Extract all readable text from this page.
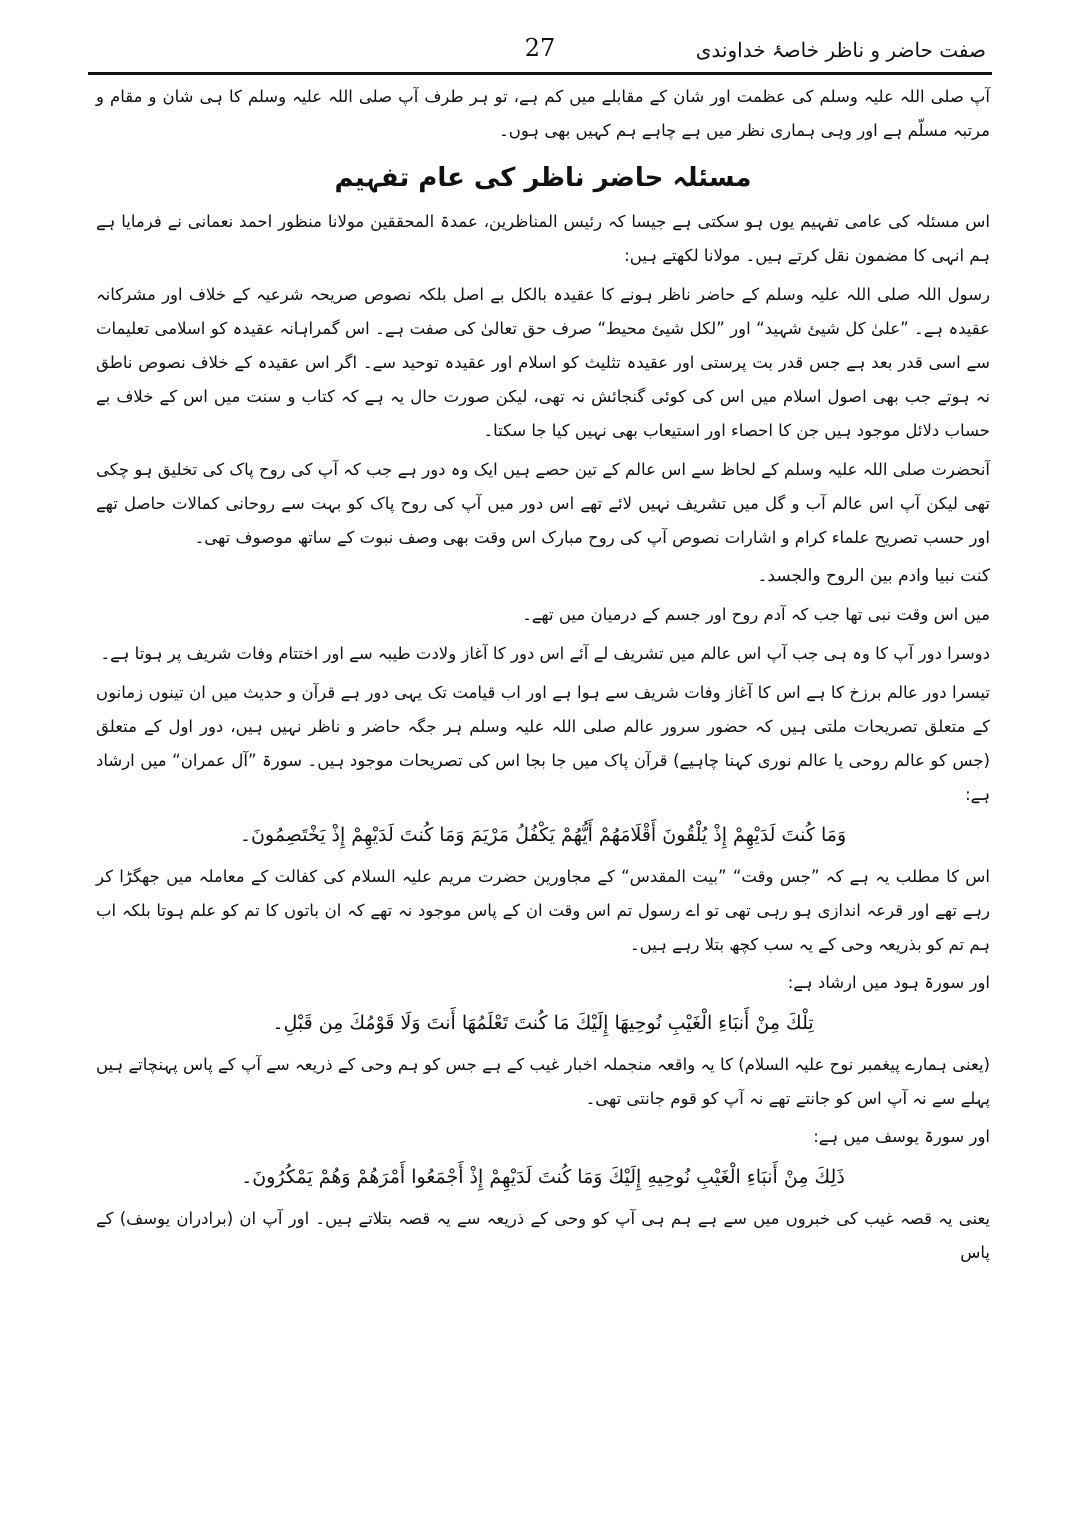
صفت حاضر و ناظر خاصۂ خداوندی
27

آپ صلی اللہ علیہ وسلم کی عظمت اور شان کے مقابلے میں کم ہے، تو ہر طرف آپ صلی اللہ علیہ وسلم کا ہی شان و مقام و مرتبہ مسلّم ہے اور وہی ہماری نظر میں ہے چاہے ہم کہیں بھی ہوں۔

مسئلہ حاضر ناظر کی عام تفہیم

اس مسئلہ کی عامی تفہیم یوں ہو سکتی ہے جیسا کہ رئیس المناظرین، عمدۃ المحققین مولانا منظور احمد نعمانی نے فرمایا ہے ہم انہی کا مضمون نقل کرتے ہیں۔ مولانا لکھتے ہیں:

رسول اللہ صلی اللہ علیہ وسلم کے حاضر ناظر ہونے کا عقیدہ بالکل بے اصل بلکہ نصوص صریحہ شرعیہ کے خلاف اور مشرکانہ عقیدہ ہے۔ ”علیٰ کل شیئ شہید“ اور ”لکل شیئ محیط“ صرف حق تعالیٰ کی صفت ہے۔ اس گمراہانہ عقیدہ کو اسلامی تعلیمات سے اسی قدر بعد ہے جس قدر بت پرستی اور عقیدہ تثلیث کو اسلام اور عقیدہ توحید سے۔ اگر اس عقیدہ کے خلاف نصوص ناطق نہ ہوتے جب بھی اصول اسلام میں اس کی کوئی گنجائش نہ تھی، لیکن صورت حال یہ ہے کہ کتاب و سنت میں اس کے خلاف بے حساب دلائل موجود ہیں جن کا احصاء اور استیعاب بھی نہیں کیا جا سکتا۔

آنحضرت صلی اللہ علیہ وسلم کے لحاظ سے اس عالم کے تین حصے ہیں ایک وہ دور ہے جب کہ آپ کی روح پاک کی تخلیق ہو چکی تھی لیکن آپ اس عالم آب و گل میں تشریف نہیں لائے تھے اس دور میں آپ کی روح پاک کو بہت سے روحانی کمالات حاصل تھے اور حسب تصریح علماء کرام و اشارات نصوص آپ کی روح مبارک اس وقت بھی وصف نبوت کے ساتھ موصوف تھی۔

کنت نبیا وادم بین الروح والجسد۔

میں اس وقت نبی تھا جب کہ آدم روح اور جسم کے درمیان میں تھے۔

دوسرا دور آپ کا وہ ہی جب آپ اس عالم میں تشریف لے آئے اس دور کا آغاز ولادت طیبہ سے اور اختتام وفات شریف پر ہوتا ہے۔

تیسرا دور عالم برزخ کا ہے اس کا آغاز وفات شریف سے ہوا ہے اور اب قیامت تک یہی دور ہے قرآن و حدیث میں ان تینوں زمانوں کے متعلق تصریحات ملتی ہیں کہ حضور سرور عالم صلی اللہ علیہ وسلم ہر جگہ حاضر و ناظر نہیں ہیں، دور اول کے متعلق (جس کو عالم روحی یا عالم نوری کہنا چاہیے) قرآن پاک میں جا بجا اس کی تصریحات موجود ہیں۔ سورۃ ”آل عمران“ میں ارشاد ہے:

وَمَا كُنتَ لَدَيْهِمْ إِذْ يُلْقُونَ أَقْلَامَهُمْ أَيُّهُمْ يَكْفُلُ مَرْيَمَ وَمَا كُنتَ لَدَيْهِمْ إِذْ يَخْتَصِمُونَ۔

اس کا مطلب یہ ہے کہ ”جس وقت“ ”بیت المقدس“ کے مجاورین حضرت مریم علیہ السلام کی کفالت کے معاملہ میں جھگڑا کر رہے تھے اور قرعہ اندازی ہو رہی تھی تو اے رسول تم اس وقت ان کے پاس موجود نہ تھے کہ ان باتوں کا تم کو علم ہوتا بلکہ اب ہم تم کو بذریعہ وحی کے یہ سب کچھ بتلا رہے ہیں۔

اور سورۃ ہود میں ارشاد ہے:

تِلْكَ مِنْ أَنبَاءِ الْغَيْبِ نُوحِيهَا إِلَيْكَ مَا كُنتَ تَعْلَمُهَا أَنتَ وَلَا قَوْمُكَ مِن قَبْلِ۔

(یعنی ہمارے پیغمبر نوح علیہ السلام) کا یہ واقعہ منجملہ اخبار غیب کے ہے جس کو ہم وحی کے ذریعہ سے آپ کے پاس پہنچاتے ہیں پہلے سے نہ آپ اس کو جانتے تھے نہ آپ کو قوم جانتی تھی۔

اور سورۃ یوسف میں ہے:

ذَلِكَ مِنْ أَنبَاءِ الْغَيْبِ نُوحِيهِ إِلَيْكَ وَمَا كُنتَ لَدَيْهِمْ إِذْ أَجْمَعُوا أَمْرَهُمْ وَهُمْ يَمْكُرُونَ۔

یعنی یہ قصہ غیب کی خبروں میں سے ہے ہم ہی آپ کو وحی کے ذریعہ سے یہ قصہ بتلاتے ہیں۔ اور آپ ان (برادران یوسف) کے پاس
